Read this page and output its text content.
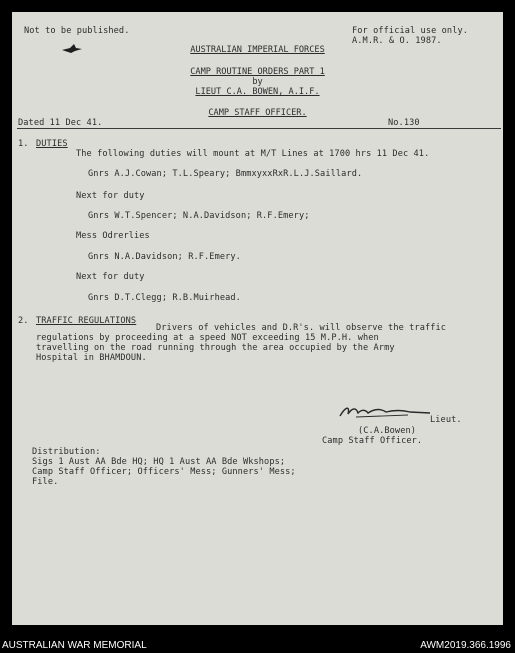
Not to be published.	For official use only.
A.M.R. & O. 1987.
AUSTRALIAN IMPERIAL FORCES
CAMP ROUTINE ORDERS PART 1
by
LIEUT C.A. BOWEN, A.I.F.
CAMP STAFF OFFICER.
Dated 11 Dec 41.	No.130
1. DUTIES
The following duties will mount at M/T Lines at 1700 hrs 11 Dec 41.
Gnrs A.J.Cowan; T.L.Speary; BmmxyxxRxR.L.J.Saillard.
Next for duty
Gnrs W.T.Spencer; N.A.Davidson; R.F.Emery;
Mess Odrerlies
Gnrs N.A.Davidson; R.F.Emery.
Next for duty
Gnrs D.T.Clegg; R.B.Muirhead.
2. TRAFFIC REGULATIONS
Drivers of vehicles and D.R's. will observe the traffic
regulations by proceeding at a speed NOT exceeding 15 M.P.H. when
travelling on the road running through the area occupied by the Army
Hospital in BHAMDOUN.
Lieut.
(C.A.Bowen)
Camp Staff Officer.
Distribution:
Sigs 1 Aust AA Bde HQ; HQ 1 Aust AA Bde Wkshops;
Camp Staff Officer; Officers' Mess; Gunners' Mess;
File.
AUSTRALIAN WAR MEMORIAL	AWM2019.366.1996
